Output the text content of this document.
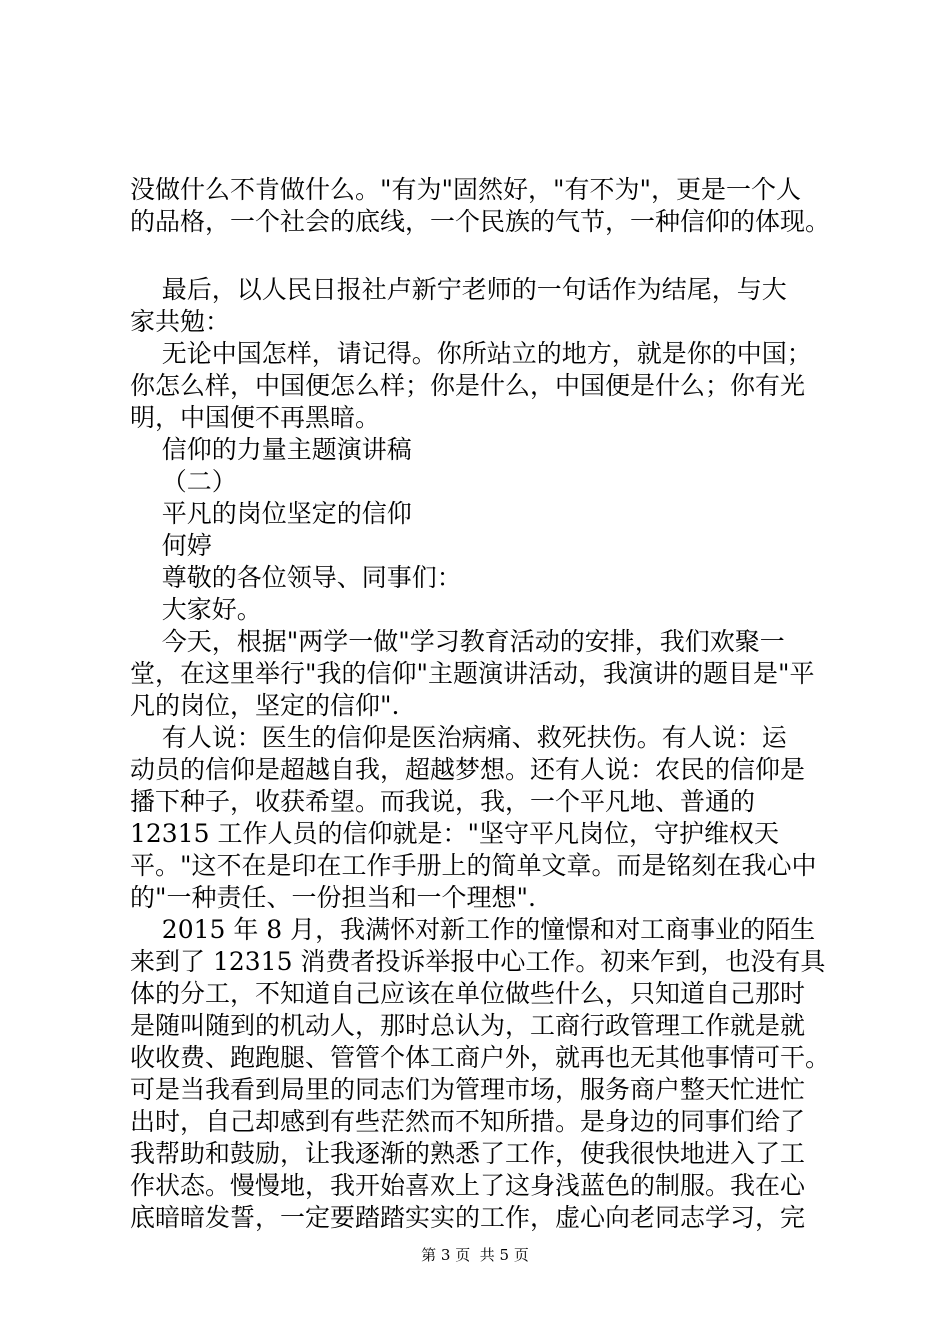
没做什么不肯做什么。"有为"固然好，"有不为"，更是一个人
的品格，一个社会的底线，一个民族的气节，一种信仰的体现。
最后，以人民日报社卢新宁老师的一句话作为结尾，与大
家共勉：
无论中国怎样，请记得。你所站立的地方，就是你的中国；
你怎么样，中国便怎么样；你是什么，中国便是什么；你有光
明，中国便不再黑暗。
信仰的力量主题演讲稿
（二）
平凡的岗位坚定的信仰
何婷
尊敬的各位领导、同事们：
大家好。
今天，根据"两学一做"学习教育活动的安排，我们欢聚一
堂，在这里举行"我的信仰"主题演讲活动，我演讲的题目是"平
凡的岗位，坚定的信仰".
有人说：医生的信仰是医治病痛、救死扶伤。有人说：运
动员的信仰是超越自我，超越梦想。还有人说：农民的信仰是
播下种子，收获希望。而我说，我，一个平凡地、普通的
12315 工作人员的信仰就是："坚守平凡岗位，守护维权天
平。"这不在是印在工作手册上的简单文章。而是铭刻在我心中
的"一种责任、一份担当和一个理想".
2015 年 8 月，我满怀对新工作的憧憬和对工商事业的陌生
来到了 12315 消费者投诉举报中心工作。初来乍到，也没有具
体的分工，不知道自己应该在单位做些什么，只知道自己那时
是随叫随到的机动人，那时总认为，工商行政管理工作就是就
收收费、跑跑腿、管管个体工商户外，就再也无其他事情可干。
可是当我看到局里的同志们为管理市场，服务商户整天忙进忙
出时，自己却感到有些茫然而不知所措。是身边的同事们给了
我帮助和鼓励，让我逐渐的熟悉了工作，使我很快地进入了工
作状态。慢慢地，我开始喜欢上了这身浅蓝色的制服。我在心
底暗暗发誓，一定要踏踏实实的工作，虚心向老同志学习，完
第 3 页  共 5 页
